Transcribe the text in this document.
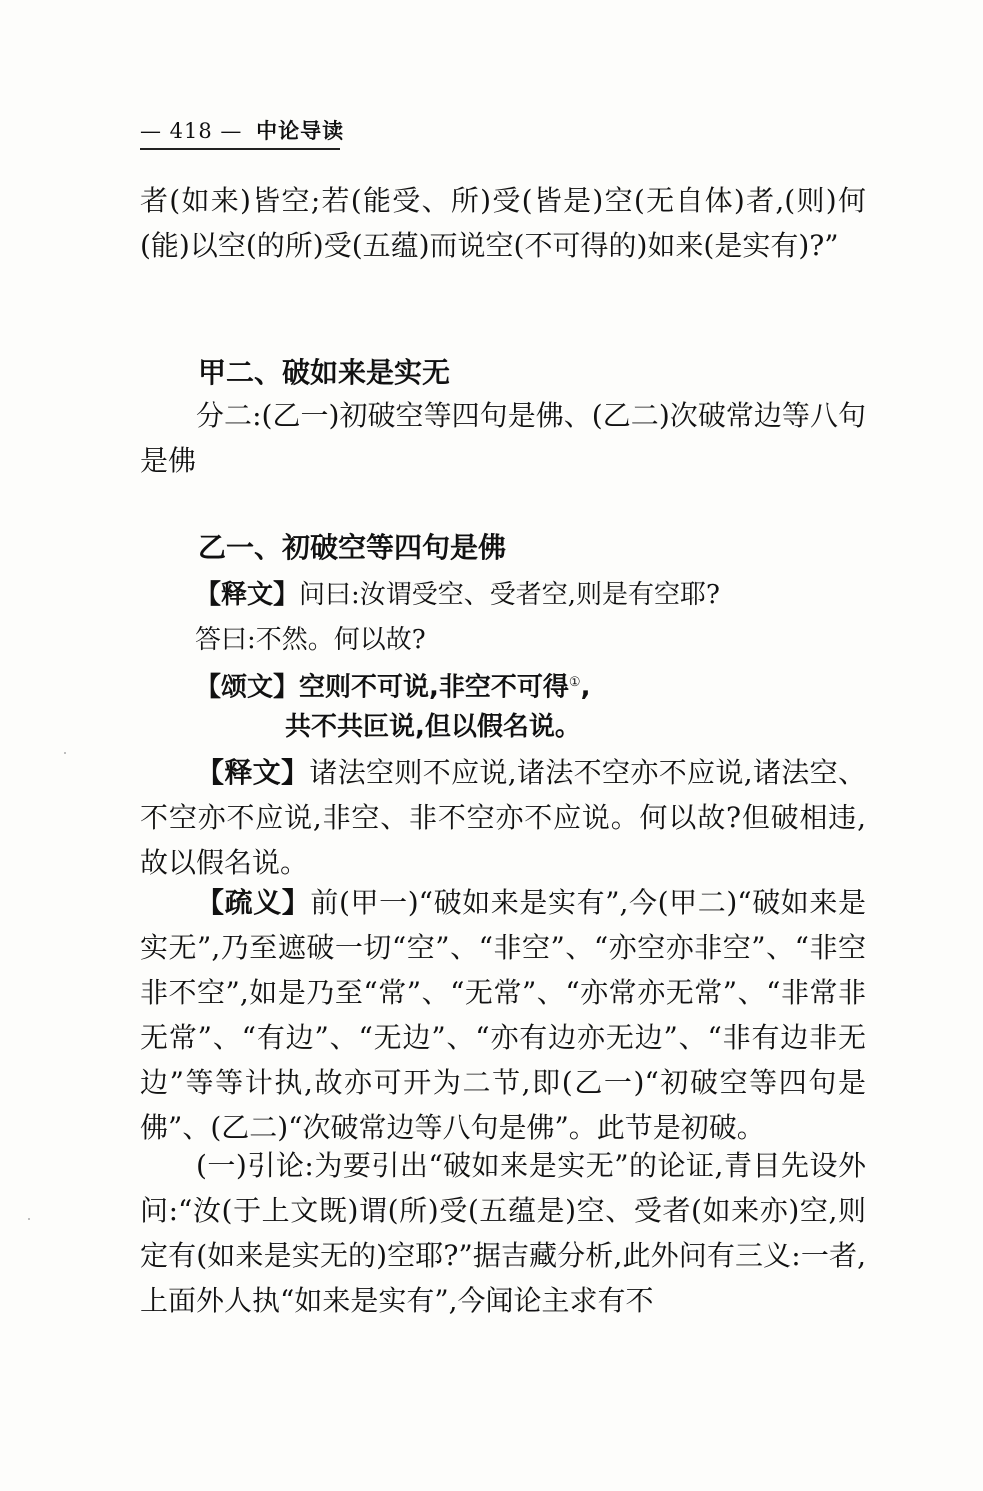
— 418 — 中论导读

者(如来)皆空;若(能受、所)受(皆是)空(无自体)者,(则)何(能)以空(的所)受(五蕴)而说空(不可得的)如来(是实有)?”

甲二、破如来是实无

分二:(乙一)初破空等四句是佛、(乙二)次破常边等八句是佛

乙一、初破空等四句是佛

【释文】问曰:汝谓受空、受者空,则是有空耶?

答曰:不然。何以故?

【颂文】空则不可说,非空不可得①,

共不共叵说,但以假名说。

【释文】诸法空则不应说,诸法不空亦不应说,诸法空、不空亦不应说,非空、非不空亦不应说。何以故?但破相违,故以假名说。

【疏义】前(甲一)“破如来是实有”,今(甲二)“破如来是实无”,乃至遮破一切“空”、“非空”、“亦空亦非空”、“非空非不空”,如是乃至“常”、“无常”、“亦常亦无常”、“非常非无常”、“有边”、“无边”、“亦有边亦无边”、“非有边非无边”等等计执,故亦可开为二节,即(乙一)“初破空等四句是佛”、(乙二)“次破常边等八句是佛”。此节是初破。

(一)引论:为要引出“破如来是实无”的论证,青目先设外问:“汝(于上文既)谓(所)受(五蕴是)空、受者(如来亦)空,则定有(如来是实无的)空耶?”据吉藏分析,此外问有三义:一者,上面外人执“如来是实有”,今闻论主求有不
